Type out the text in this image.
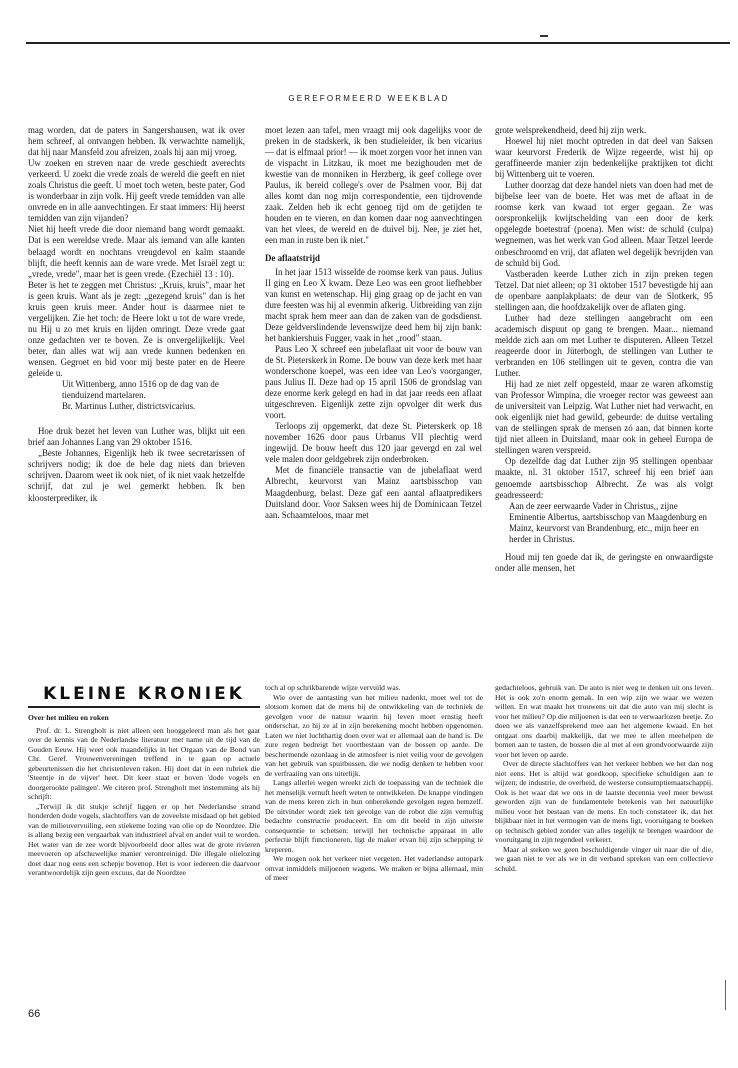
GEREFORMEERD WEEKBLAD

mag worden, dat de paters in Sangershausen, wat ik over hem schreef, al ontvangen hebben. Ik verwachtte namelijk, dat hij naar Mansfeld zou afreizen, zoals hij aan mij vroeg.

Uw zoeken en streven naar de vrede geschiedt averechts verkeerd. U zoekt die vrede zoals de wereld die geeft en niet zoals Christus die geeft. U moet toch weten, beste pater, God is wonderbaar in zijn volk. Hij geeft vrede temidden van alle onvrede en in alle aanvechtingen. Er staat immers: Hij heerst temidden van zijn vijanden?

Niet hij heeft vrede die door niemand bang wordt gemaakt. Dat is een wereldse vrede. Maar als iemand van alle kanten belaagd wordt en nochtans vreugdevol en kalm staande blijft, die heeft kennis aan de ware vrede. Met Israël zegt u: „vrede, vrede", maar het is geen vrede. (Ezechiël 13 : 10).

Beter is het te zeggen met Christus: „Kruis, kruis", maar het is geen kruis. Want als je zegt: „gezegend kruis" dan is het kruis geen kruis meer. Ander hout is daarmee niet te vergelijken. Zie het toch: de Heere lokt u tot de ware vrede, nu Hij u zo met kruis en lijden omringt. Deze vrede gaat onze gedachten ver te boven. Ze is onvergelijkelijk. Veel beter, dan alles wat wij aan vrede kunnen bedenken en wensen. Gegroet en bid voor mij beste pater en de Heere geleide u.

Uit Wittenberg, anno 1516 op de dag van de tienduizend martelaren.

Br. Martinus Luther, districtsvicarius.

Hoe druk bezet het leven van Luther was, blijkt uit een brief aan Johannes Lang van 29 oktober 1516.

„Beste Johannes, Eigenlijk heb ik twee secretarissen of schrijvers nodig; ik doe de hele dag niets dan brieven schrijven. Daarom weet ik ook niet, of ik niet vaak hetzelfde schrijf, dat zul je wel gemerkt hebben. Ik ben kloosterprediker, ik

moet lezen aan tafel, men vraagt mij ook dagelijks voor de preken in de stadskerk, ik ben studieleider, ik ben vicarius — dat is elfmaal prior! — ik moet zorgen voor het innen van de vispacht in Litzkau, ik moet me bezighouden met de kwestie van de monniken in Herzberg, ik geef college over Paulus, ik bereid college's over de Psalmen voor. Bij dat alles komt dan nog mijn correspondentie, een tijdrovende zaak. Zelden heb ik echt genoeg tijd om de getijden te houden en te vieren, en dan komen daar nog aanvechtingen van het vlees, de wereld en de duivel bij. Nee, je ziet het, een man in ruste ben ik niet."

De aflaatstrijd

In het jaar 1513 wisselde de roomse kerk van paus. Julius II ging en Leo X kwam. Deze Leo was een groot liefhebber van kunst en wetenschap. Hij ging graag op de jacht en van dure feesten was hij al evenmin afkerig. Uitbreiding van zijn macht sprak hem meer aan dan de zaken van de godsdienst. Deze geldverslindende levenswijze deed hem bij zijn bank: het bankiershuis Fugger, vaak in het „rood" staan.

Paus Leo X schreef een jubelaflaat uit voor de bouw van de St. Pieterskerk in Rome. De bouw van deze kerk met haar wonderschone koepel, was een idee van Leo's voorganger, paus Julius II. Deze had op 15 april 1506 de grondslag van deze enorme kerk gelegd en had in dat jaar reeds een aflaat uitgeschreven. Eigenlijk zette zijn opvolger dit werk dus voort.

Terloops zij opgemerkt, dat deze St. Pieterskerk op 18 november 1626 door paus Urbanus VII plechtig werd ingewijd. De bouw heeft dus 120 jaar gevergd en zal wel vele malen door geldgebrek zijn onderbroken.

Met de financiële transactie van de jubelaflaat werd Albrecht, keurvorst van Mainz aartsbisschop van Maagdenburg, belast. Deze gaf een aantal aflaatpredikers Duitsland door. Voor Saksen wees hij de Dominicaan Tetzel aan. Schaamteloos, maar met

grote welsprekendheid, deed hij zijn werk.

Hoewel hij niet mocht optreden in dat deel van Saksen waar keurvorst Frederik de Wijze regeerde, wist hij op geraffineerde manier zijn bedenkelijke praktijken tot dicht bij Wittenberg uit te voeren.

Luther doorzag dat deze handel niets van doen had met de bijbelse leer van de boete. Het was met de aflaat in de roomse kerk van kwaad tot erger gegaan. Ze was oorspronkelijk kwijtschelding van een door de kerk opgelegde boetestraf (poena). Men wist: de schuld (culpa) wegnemen, was het werk van God alleen. Maar Tetzel leerde onbeschroomd en vrij, dat aflaten wel degelijk bevrijden van de schuld bij God.

Vastberaden keerde Luther zich in zijn preken tegen Tetzel. Dat niet alleen; op 31 oktober 1517 bevestigde hij aan de openbare aanplakplaats: de deur van de Slotkerk, 95 stellingen aan, die hoofdzakelijk over de aflaten ging.

Luther had deze stellingen aangebracht om een academisch dispuut op gang te brengen. Maar... niemand meldde zich aan om met Luther te disputeren. Alleen Tetzel reageerde door in Jüterbogh, de stellingen van Luther te verbranden en 106 stellingen uit te geven, contra die van Luther.

Hij had ze niet zelf opgesteld, maar ze waren afkomstig van Professor Wimpina, die vroeger rector was geweest aan de universiteit van Leipzig. Wat Luther niet had verwacht, en ook eigenlijk niet had gewild, gebeurde: de duitse vertaling van de stellingen sprak de mensen zó aan, dat binnen korte tijd niet alleen in Duitsland, maar ook in geheel Europa de stellingen waren verspreid.

Op dezelfde dag dat Luther zijn 95 stellingen openbaar maakte, nl. 31 oktober 1517, schreef hij een brief aan genoemde aartsbisschop Albrecht. Ze was als volgt geadresseerd:

Aan de zeer eerwaarde Vader in Christus,, zijne Eminentie Albertus, aartsbisschop van Maagdenburg en Mainz, keurvorst van Brandenburg, etc., mijn heer en herder in Christus.

Houd mij ten goede dat ik, de geringste en onwaardigste onder alle mensen, het

KLEINE KRONIEK
Over het milieu en roken

Prof. dr. L. Strengholt is niet alleen een hooggeleerd man als het gaat over de kennis van de Nederlandse literatuur met name uit de tijd van de Gouden Eeuw. Hij weet ook maandelijks in het Orgaan van de Bond van Chr. Geref. Vrouwenvereningen treffend in te gaan op actuele gebeurtenissen die het christenleven raken. Hij doet dat in een rubriek die 'Steentje in de vijver' heet. Dit keer staat er boven 'dode vogels en doorgerookte palingen'. We citeren prof. Strengholt met instemming als hij schrijft:

„Terwijl ik dit stukje schrijf liggen er op het Nederlandse strand honderden dode vogels, slachtoffers van de zoveelste misdaad op het gebied van de milieuvervuiling, een stiekeme lozing van olie op de Noordzee. Die is allang bezig een vergaarbak van industrieel afval en ander vuil te worden. Het water van de zee wordt bijvoorbeeld door alles wat de grote rivieren meevoeren op afschuwelijke manier verontreinigd. Die illegale olielozing doet daar nog eens een schepje bovenop. Het is voor iedereen die daarvoor verantwoordelijk zijn geen excuus, dat de Noordzee

toch al op schrikbarende wijze vervuild was.

Wie over de aantasting van het milieu nadenkt, moet wel tot de slotsom komen dat de mens bij de ontwikkeling van de techniek de gevolgen voor de natuur waarin hij leven moet ernstig heeft onderschat, zo hij ze al in zijn berekening mocht hebben opgenomen. Laten we niet luchthartig doen over wat er allemaal aan de hand is. De zure regen bedreigt het voortbestaan van de bossen op aarde. De beschermende ozonlaag in de atmosfeer is niet veilig voor de gevolgen van het gebruik van spuitbussen, die we nodig denken te hebben voor de verfraaiing van ons uiterlijk.

Langs allerlei wegen wreekt zich de toepassing van de techniek die het menselijk vernuft heeft weten te ontwikkelen. De knappe vindingen van de mens keren zich in hun onberekende gevolgen tegen hemzelf. De uitvinder wordt ziek ten gevolge van de robot die zijn vernuftig bedachte constructie produceert. En om dit beeld in zijn uiterste consequentie te schetsen: terwijl het technische apparaat in alle perfectie blijft functioneren, ligt de maker ervan bij zijn schepping te kreperen.

We mogen ook het verkeer niet vergeten. Het vaderlandse autopark omvat inmiddels miljoenen wagens. We maken er bijna allemaal, min of meer

gedachteloos, gebruik van. De auto is niet weg te denken uit ons leven. Het is ook zo'n enorm gemak. In een wip zijn we waar we wezen willen. En wat maakt het trouwens uit dat die auto van mij slecht is voor het milieu? Op die miljoenen is dat een te verwaarlozen beetje. Zo doen we als vanzelfsprekend mee aan het algemene kwaad. En het ontgaat ons daarbij makkelijk, dat we mee te allen meehelpen de bomen aan te tasten, de bossen die al met al een grondvoorwaarde zijn voor het leven op aarde.

Over de directe slachtoffers van het verkeer hebben we het dan nog niet eens. Het is altijd wat goedkoop, specifieke schuldigen aan te wijzen; de industrie, de overheid, de westerse consumptiemaatschappij. Ook is het waar dat we ons in de laatste decennia veel meer bewust geworden zijn van de fundamentele betekenis van het natuurlijke milieu voor het bestaan van de mens. En toch constateer ik, dat het blijkbaar niet in het vermogen van de mens ligt, vooruitgang te boeken op technisch gebied zonder van alles tegelijk te brengen waardoor de vooruitgang in zijn tegendeel verkeert.

Maar al steken we geen beschuldigende vinger uit naar die of die, we gaan niet te ver als we in dit verband spreken van een collectieve schuld.

66
